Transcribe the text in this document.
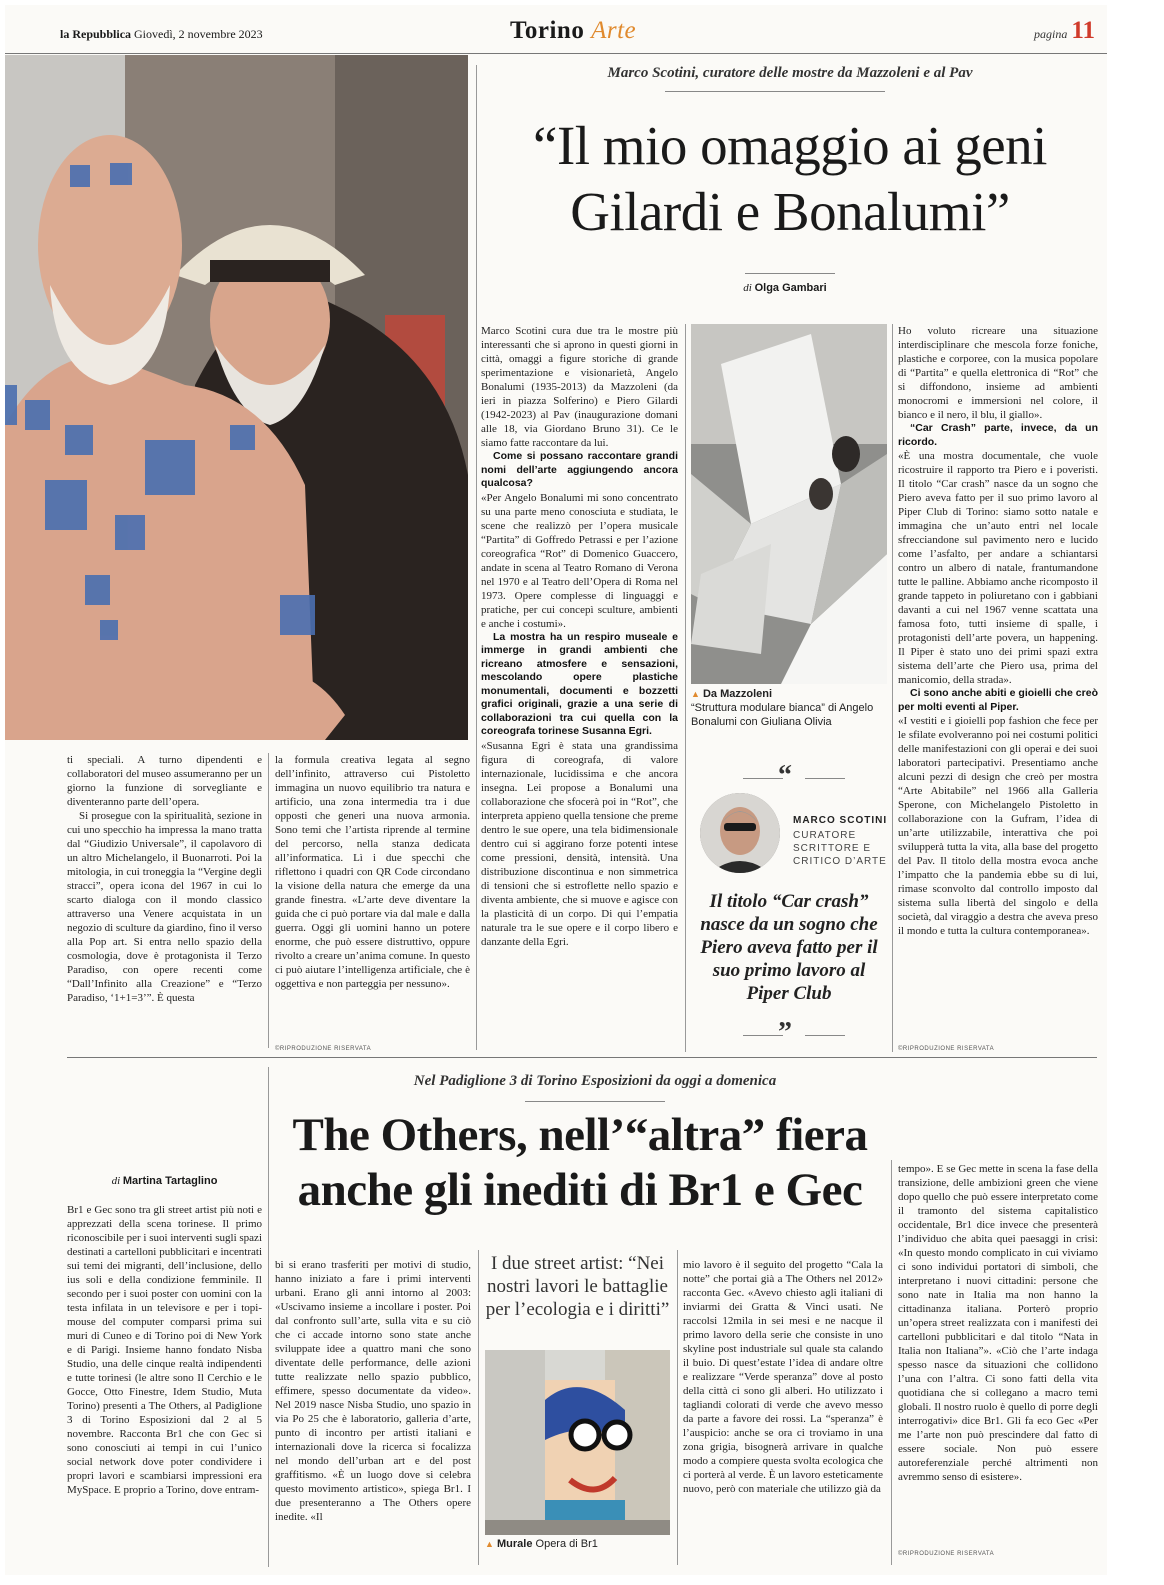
la Repubblica Giovedì, 2 novembre 2023	Torino Arte	pagina 11
Marco Scotini, curatore delle mostre da Mazzoleni e al Pav
“Il mio omaggio ai geni
Gilardi e Bonalumi”
di Olga Gambari

ti speciali. A turno dipendenti e collaboratori del museo assumeranno per un giorno la funzione di sorvegliante e diventeranno parte dell’opera.

Si prosegue con la spiritualità, sezione in cui uno specchio ha impressa la mano tratta dal “Giudizio Universale”, il capolavoro di un altro Michelangelo, il Buonarroti. Poi la mitologia, in cui troneggia la “Vergine degli stracci”, opera icona del 1967 in cui lo scarto dialoga con il mondo classico attraverso una Venere acquistata in un negozio di sculture da giardino, fino il verso alla Pop art. Si entra nello spazio della cosmologia, dove è protagonista il Terzo Paradiso, con opere recenti come “Dall’Infinito alla Creazione” e “Terzo Paradiso, ‘1+1=3’”. È questa

la formula creativa legata al segno dell’infinito, attraverso cui Pistoletto immagina un nuovo equilibrio tra natura e artificio, una zona intermedia tra i due opposti che generi una nuova armonia. Sono temi che l’artista riprende al termine del percorso, nella stanza dedicata all’informatica. Lì i due specchi che riflettono i quadri con QR Code circondano la visione della natura che emerge da una grande finestra. «L’arte deve diventare la guida che ci può portare via dal male e dalla guerra. Oggi gli uomini hanno un potere enorme, che può essere distruttivo, oppure rivolto a creare un’anima comune. In questo ci può aiutare l’intelligenza artificiale, che è oggettiva e non parteggia per nessuno».

©RIPRODUZIONE RISERVATA

Marco Scotini cura due tra le mostre più interessanti che si aprono in questi giorni in città, omaggi a figure storiche di grande sperimentazione e visionarietà, Angelo Bonalumi (1935-2013) da Mazzoleni (da ieri in piazza Solferino) e Piero Gilardi (1942-2023) al Pav (inaugurazione domani alle 18, via Giordano Bruno 31). Ce le siamo fatte raccontare da lui.

Come si possano raccontare grandi nomi dell’arte aggiungendo ancora qualcosa?

«Per Angelo Bonalumi mi sono concentrato su una parte meno conosciuta e studiata, le scene che realizzò per l’opera musicale “Partita” di Goffredo Petrassi e per l’azione coreografica “Rot” di Domenico Guaccero, andate in scena al Teatro Romano di Verona nel 1970 e al Teatro dell’Opera di Roma nel 1973. Opere complesse di linguaggi e pratiche, per cui concepì sculture, ambienti e anche i costumi».

La mostra ha un respiro museale e immerge in grandi ambienti che ricreano atmosfere e sensazioni, mescolando opere plastiche monumentali, documenti e bozzetti grafici originali, grazie a una serie di collaborazioni tra cui quella con la coreografa torinese Susanna Egri.

«Susanna Egri è stata una grandissima figura di coreografa, di valore internazionale, lucidissima e che ancora insegna. Lei propose a Bonalumi una collaborazione che sfocerà poi in “Rot”, che interpreta appieno quella tensione che preme dentro le sue opere, una tela bidimensionale dentro cui si aggirano forze potenti intese come pressioni, densità, intensità. Una distribuzione discontinua e non simmetrica di tensioni che si estroflette nello spazio e diventa ambiente, che si muove e agisce con la plasticità di un corpo. Di qui l’empatia naturale tra le sue opere e il corpo libero e danzante della Egri.

▲ Da Mazzoleni
“Struttura modulare bianca” di Angelo Bonalumi con Giuliana Olivia
“
MARCO SCOTINI
CURATORE
SCRITTORE E
CRITICO D’ARTE
Il titolo “Car crash” nasce da un sogno che Piero aveva fatto per il suo primo lavoro al Piper Club
”

Ho voluto ricreare una situazione interdisciplinare che mescola forze foniche, plastiche e corporee, con la musica popolare di “Partita” e quella elettronica di “Rot” che si diffondono, insieme ad ambienti monocromi e immersioni nel colore, il bianco e il nero, il blu, il giallo».

“Car Crash” parte, invece, da un ricordo.

«È una mostra documentale, che vuole ricostruire il rapporto tra Piero e i poveristi. Il titolo “Car crash” nasce da un sogno che Piero aveva fatto per il suo primo lavoro al Piper Club di Torino: siamo sotto natale e immagina che un’auto entri nel locale sfrecciandone sul pavimento nero e lucido come l’asfalto, per andare a schiantarsi contro un albero di natale, frantumandone tutte le palline. Abbiamo anche ricomposto il grande tappeto in poliuretano con i gabbiani davanti a cui nel 1967 venne scattata una famosa foto, tutti insieme di spalle, i protagonisti dell’arte povera, un happening. Il Piper è stato uno dei primi spazi extra sistema dell’arte che Piero usa, prima del manicomio, della strada».

Ci sono anche abiti e gioielli che creò per molti eventi al Piper.

«I vestiti e i gioielli pop fashion che fece per le sfilate evolveranno poi nei costumi politici delle manifestazioni con gli operai e dei suoi laboratori partecipativi. Presentiamo anche alcuni pezzi di design che creò per mostra “Arte Abitabile” nel 1966 alla Galleria Sperone, con Michelangelo Pistoletto in collaborazione con la Gufram, l’idea di un’arte utilizzabile, interattiva che poi svilupperà tutta la vita, alla base del progetto del Pav. Il titolo della mostra evoca anche l’impatto che la pandemia ebbe su di lui, rimase sconvolto dal controllo imposto dal sistema sulla libertà del singolo e della società, dal viraggio a destra che aveva preso il mondo e tutta la cultura contemporanea».

©RIPRODUZIONE RISERVATA
Nel Padiglione 3 di Torino Esposizioni da oggi a domenica
The Others, nell’“altra” fiera
anche gli inediti di Br1 e Gec
di Martina Tartaglino

Br1 e Gec sono tra gli street artist più noti e apprezzati della scena torinese. Il primo riconoscibile per i suoi interventi sugli spazi destinati a cartelloni pubblicitari e incentrati sui temi dei migranti, dell’inclusione, dello ius soli e della condizione femminile. Il secondo per i suoi poster con uomini con la testa infilata in un televisore e per i topi-mouse del computer comparsi prima sui muri di Cuneo e di Torino poi di New York e di Parigi. Insieme hanno fondato Nisba Studio, una delle cinque realtà indipendenti e tutte torinesi (le altre sono Il Cerchio e le Gocce, Otto Finestre, Idem Studio, Muta Torino) presenti a The Others, al Padiglione 3 di Torino Esposizioni dal 2 al 5 novembre. Racconta Br1 che con Gec si sono conosciuti ai tempi in cui l’unico social network dove poter condividere i propri lavori e scambiarsi impressioni era MySpace. E proprio a Torino, dove entram-

bi si erano trasferiti per motivi di studio, hanno iniziato a fare i primi interventi urbani. Erano gli anni intorno al 2003: «Uscivamo insieme a incollare i poster. Poi dal confronto sull’arte, sulla vita e su ciò che ci accade intorno sono state anche sviluppate idee a quattro mani che sono diventate delle performance, delle azioni tutte realizzate nello spazio pubblico, effimere, spesso documentate da video». Nel 2019 nasce Nisba Studio, uno spazio in via Po 25 che è laboratorio, galleria d’arte, punto di incontro per artisti italiani e internazionali dove la ricerca si focalizza nel mondo dell’urban art e del post graffitismo. «È un luogo dove si celebra questo movimento artistico», spiega Br1. I due presenteranno a The Others opere inedite. «Il

I due street artist: “Nei nostri lavori le battaglie per l’ecologia e i diritti”
▲ Murale Opera di Br1

mio lavoro è il seguito del progetto “Cala la notte” che portai già a The Others nel 2012» racconta Gec. «Avevo chiesto agli italiani di inviarmi dei Gratta & Vinci usati. Ne raccolsi 12mila in sei mesi e ne nacque il primo lavoro della serie che consiste in uno skyline post industriale sul quale sta calando il buio. Di quest’estate l’idea di andare oltre e realizzare “Verde speranza” dove al posto della città ci sono gli alberi. Ho utilizzato i tagliandi colorati di verde che avevo messo da parte a favore dei rossi. La “speranza” è l’auspicio: anche se ora ci troviamo in una zona grigia, bisognerà arrivare in qualche modo a compiere questa svolta ecologica che ci porterà al verde. È un lavoro esteticamente nuovo, però con materiale che utilizzo già da

tempo». E se Gec mette in scena la fase della transizione, delle ambizioni green che viene dopo quello che può essere interpretato come il tramonto del sistema capitalistico occidentale, Br1 dice invece che presenterà l’individuo che abita quei paesaggi in crisi: «In questo mondo complicato in cui viviamo ci sono individui portatori di simboli, che interpretano i nuovi cittadini: persone che sono nate in Italia ma non hanno la cittadinanza italiana. Porterò proprio un’opera street realizzata con i manifesti dei cartelloni pubblicitari e dal titolo “Nata in Italia non Italiana”». «Ciò che l’arte indaga spesso nasce da situazioni che collidono l’una con l’altra. Ci sono fatti della vita quotidiana che si collegano a macro temi globali. Il nostro ruolo è quello di porre degli interrogativi» dice Br1. Gli fa eco Gec «Per me l’arte non può prescindere dal fatto di essere sociale. Non può essere autoreferenziale perché altrimenti non avremmo senso di esistere».

©RIPRODUZIONE RISERVATA
